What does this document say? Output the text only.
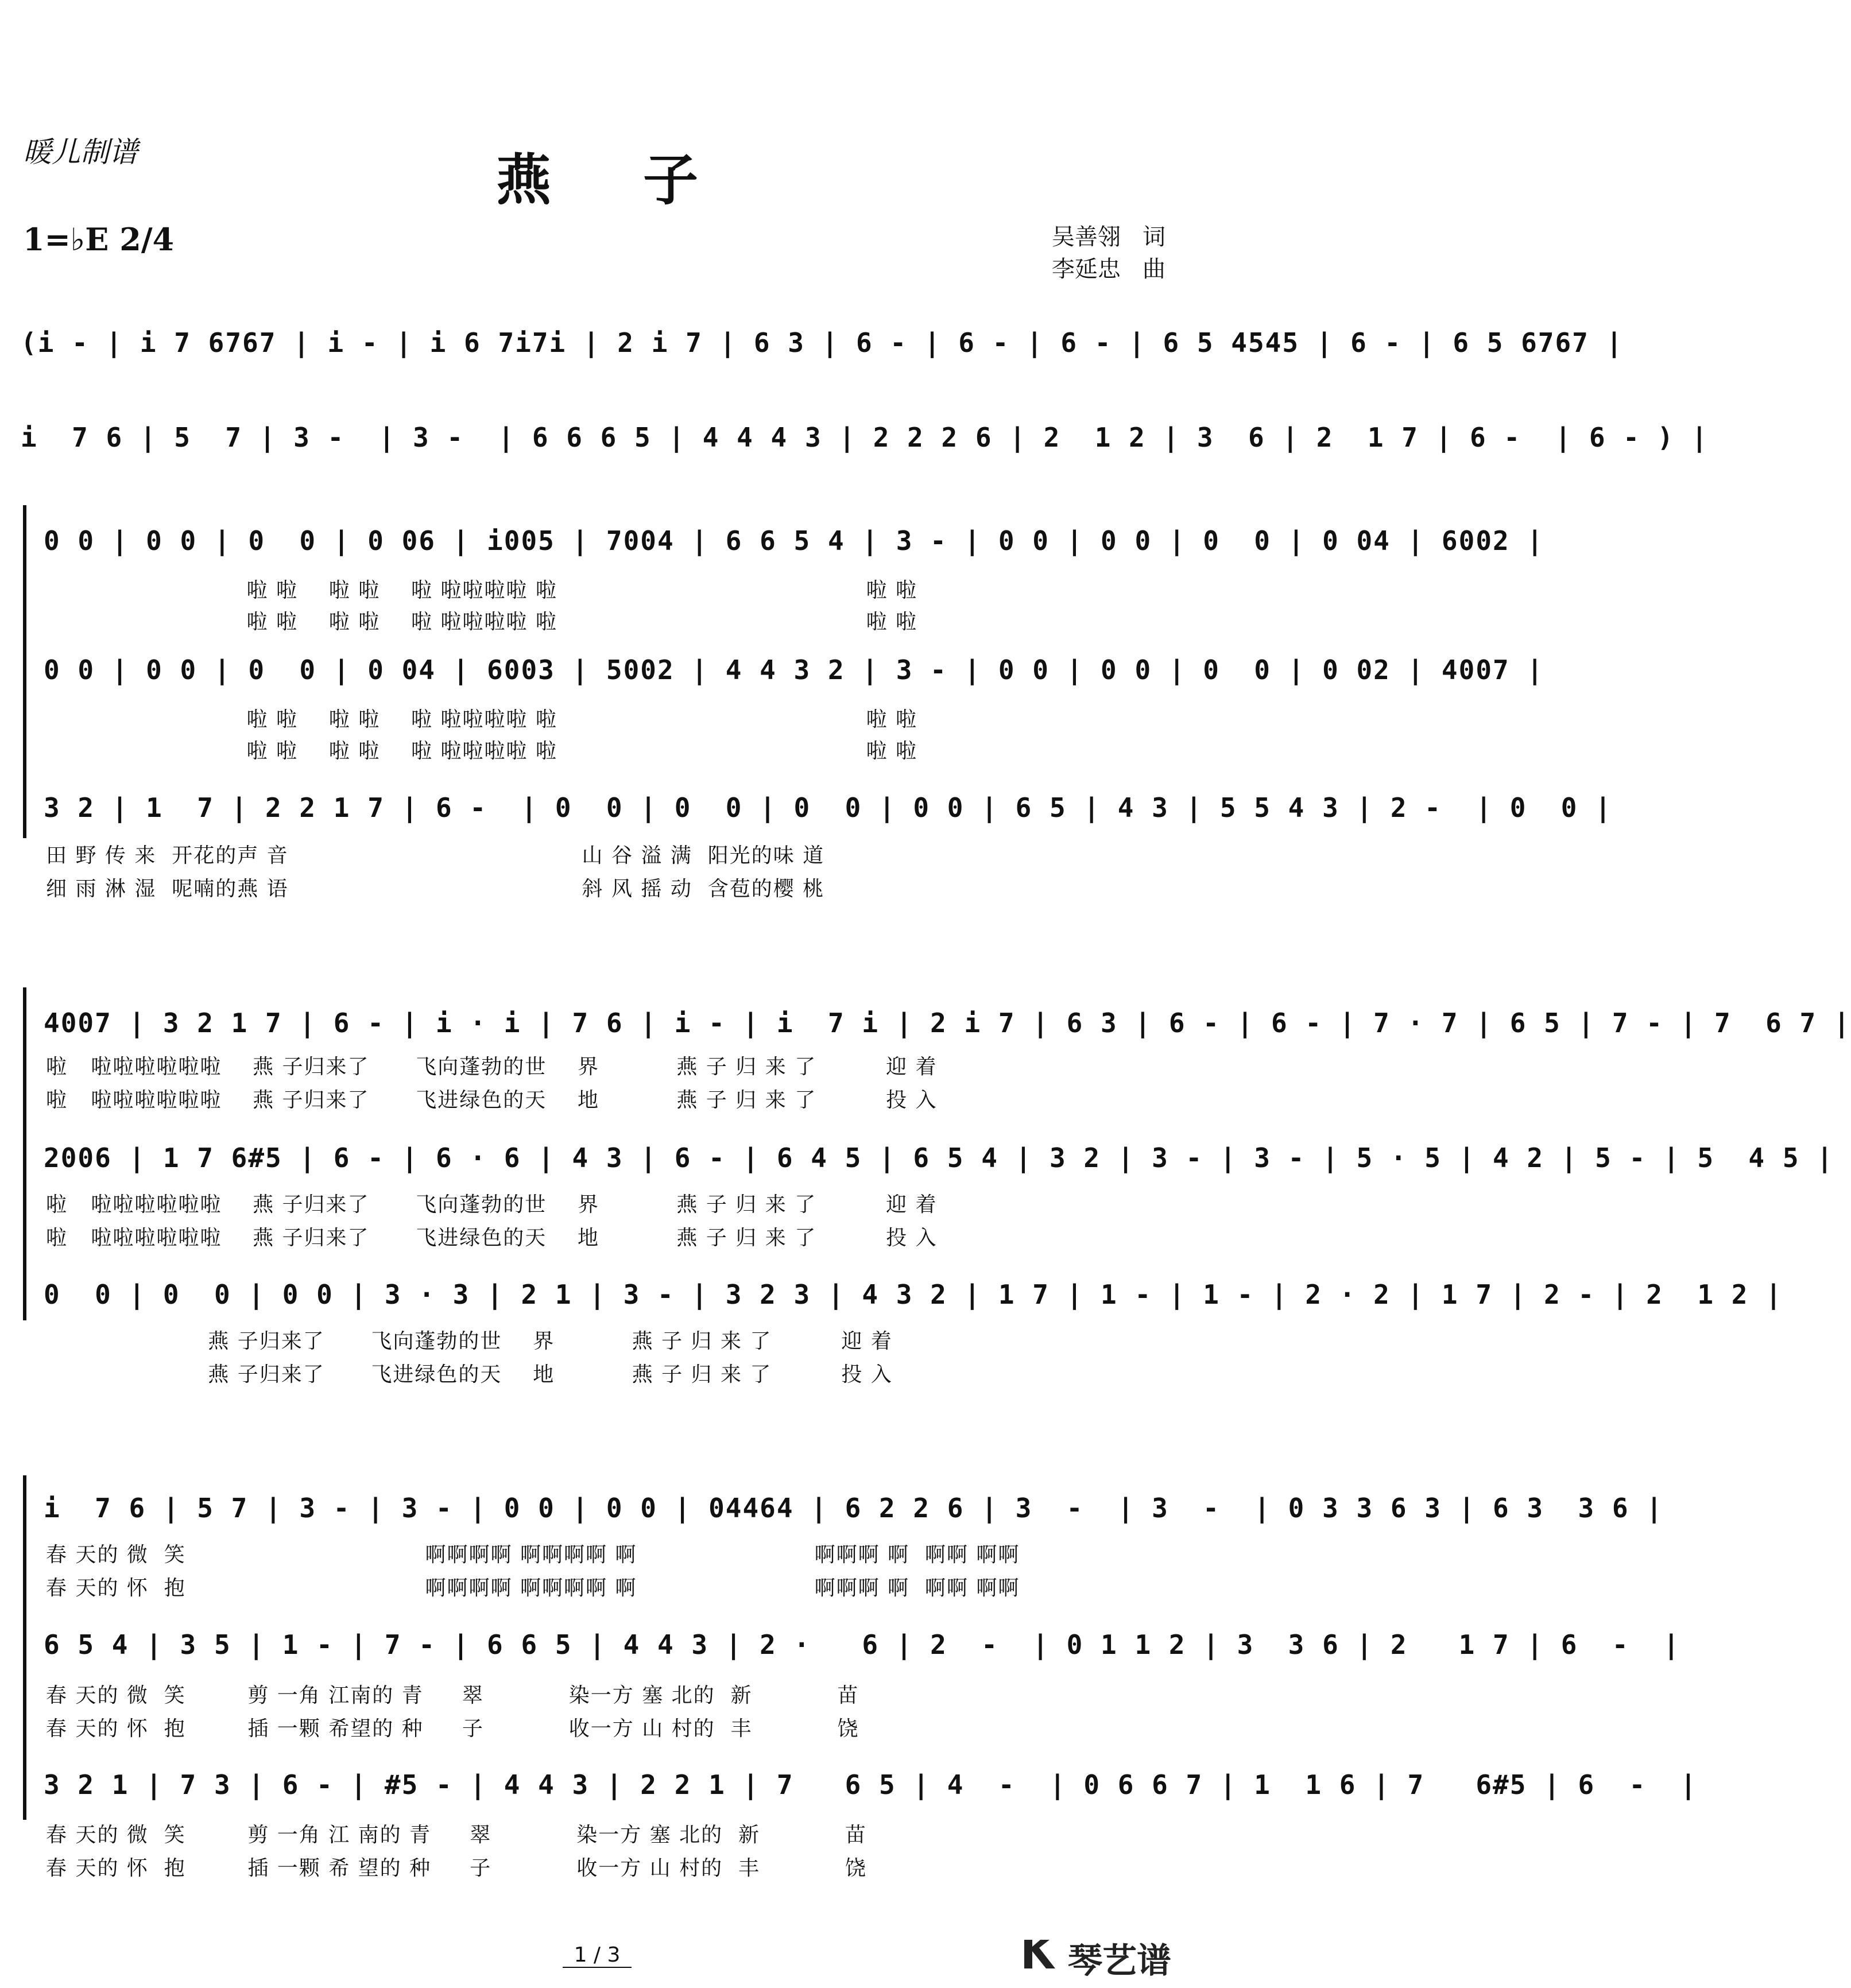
暖儿制谱	燕子
1=♭E 2/4	吴善翎   词
李延忠   曲
(i - | i 7 6767 | i - | i 6 7i7i | 2 i 7 | 6 3 | 6 - | 6 - | 6 - | 6 5 4545 | 6 - | 6 5 6767 |
i  7 6 | 5  7 | 3 -  | 3 -  | 6 6 6 5 | 4 4 4 3 | 2 2 2 6 | 2  1 2 | 3  6 | 2  1 7 | 6 -  | 6 - ) |
0 0 | 0 0 | 0  0 | 0 06 | i005 | 7004 | 6 6 5 4 | 3 - | 0 0 | 0 0 | 0  0 | 0 04 | 6002 |
啦 啦    啦 啦    啦 啦啦啦啦 啦                                        啦 啦
啦 啦    啦 啦    啦 啦啦啦啦 啦                                        啦 啦
0 0 | 0 0 | 0  0 | 0 04 | 6003 | 5002 | 4 4 3 2 | 3 - | 0 0 | 0 0 | 0  0 | 0 02 | 4007 |
啦 啦    啦 啦    啦 啦啦啦啦 啦                                        啦 啦
啦 啦    啦 啦    啦 啦啦啦啦 啦                                        啦 啦
3 2 | 1  7 | 2 2 1 7 | 6 -  | 0  0 | 0  0 | 0  0 | 0 0 | 6 5 | 4 3 | 5 5 4 3 | 2 -  | 0  0 |
田 野 传 来  开花的声 音                                      山 谷 溢 满  阳光的味 道
细 雨 淋 湿  呢喃的燕 语                                      斜 风 摇 动  含苞的樱 桃
4007 | 3 2 1 7 | 6 - | i · i | 7 6 | i - | i  7 i | 2 i 7 | 6 3 | 6 - | 6 - | 7 · 7 | 6 5 | 7 - | 7  6 7 |
啦   啦啦啦啦啦啦    燕 子归来了      飞向蓬勃的世    界          燕 子 归 来 了         迎 着
啦   啦啦啦啦啦啦    燕 子归来了      飞进绿色的天    地          燕 子 归 来 了         投 入
2006 | 1 7 6#5 | 6 - | 6 · 6 | 4 3 | 6 - | 6 4 5 | 6 5 4 | 3 2 | 3 - | 3 - | 5 · 5 | 4 2 | 5 - | 5  4 5 |
啦   啦啦啦啦啦啦    燕 子归来了      飞向蓬勃的世    界          燕 子 归 来 了         迎 着
啦   啦啦啦啦啦啦    燕 子归来了      飞进绿色的天    地          燕 子 归 来 了         投 入
0  0 | 0  0 | 0 0 | 3 · 3 | 2 1 | 3 - | 3 2 3 | 4 3 2 | 1 7 | 1 - | 1 - | 2 · 2 | 1 7 | 2 - | 2  1 2 |
燕 子归来了      飞向蓬勃的世    界          燕 子 归 来 了         迎 着
燕 子归来了      飞进绿色的天    地          燕 子 归 来 了         投 入
i  7 6 | 5 7 | 3 - | 3 - | 0 0 | 0 0 | 04464 | 6 2 2 6 | 3  -  | 3  -  | 0 3 3 6 3 | 6 3  3 6 |
春 天的 微  笑                               啊啊啊啊 啊啊啊啊 啊                       啊啊啊 啊  啊啊 啊啊
春 天的 怀  抱                               啊啊啊啊 啊啊啊啊 啊                       啊啊啊 啊  啊啊 啊啊
6 5 4 | 3 5 | 1 - | 7 - | 6 6 5 | 4 4 3 | 2 ·   6 | 2  -  | 0 1 1 2 | 3  3 6 | 2   1 7 | 6  -  |
春 天的 微  笑        剪 一角 江南的 青     翠           染一方 塞 北的  新           苗
春 天的 怀  抱        插 一颗 希望的 种     子           收一方 山 村的  丰           饶
3 2 1 | 7 3 | 6 - | #5 - | 4 4 3 | 2 2 1 | 7   6 5 | 4  -  | 0 6 6 7 | 1  1 6 | 7   6#5 | 6  -  |
春 天的 微  笑        剪 一角 江 南的 青     翠           染一方 塞 北的  新           苗
春 天的 怀  抱        插 一颗 希 望的 种     子           收一方 山 村的  丰           饶
1 / 3	琴艺谱
